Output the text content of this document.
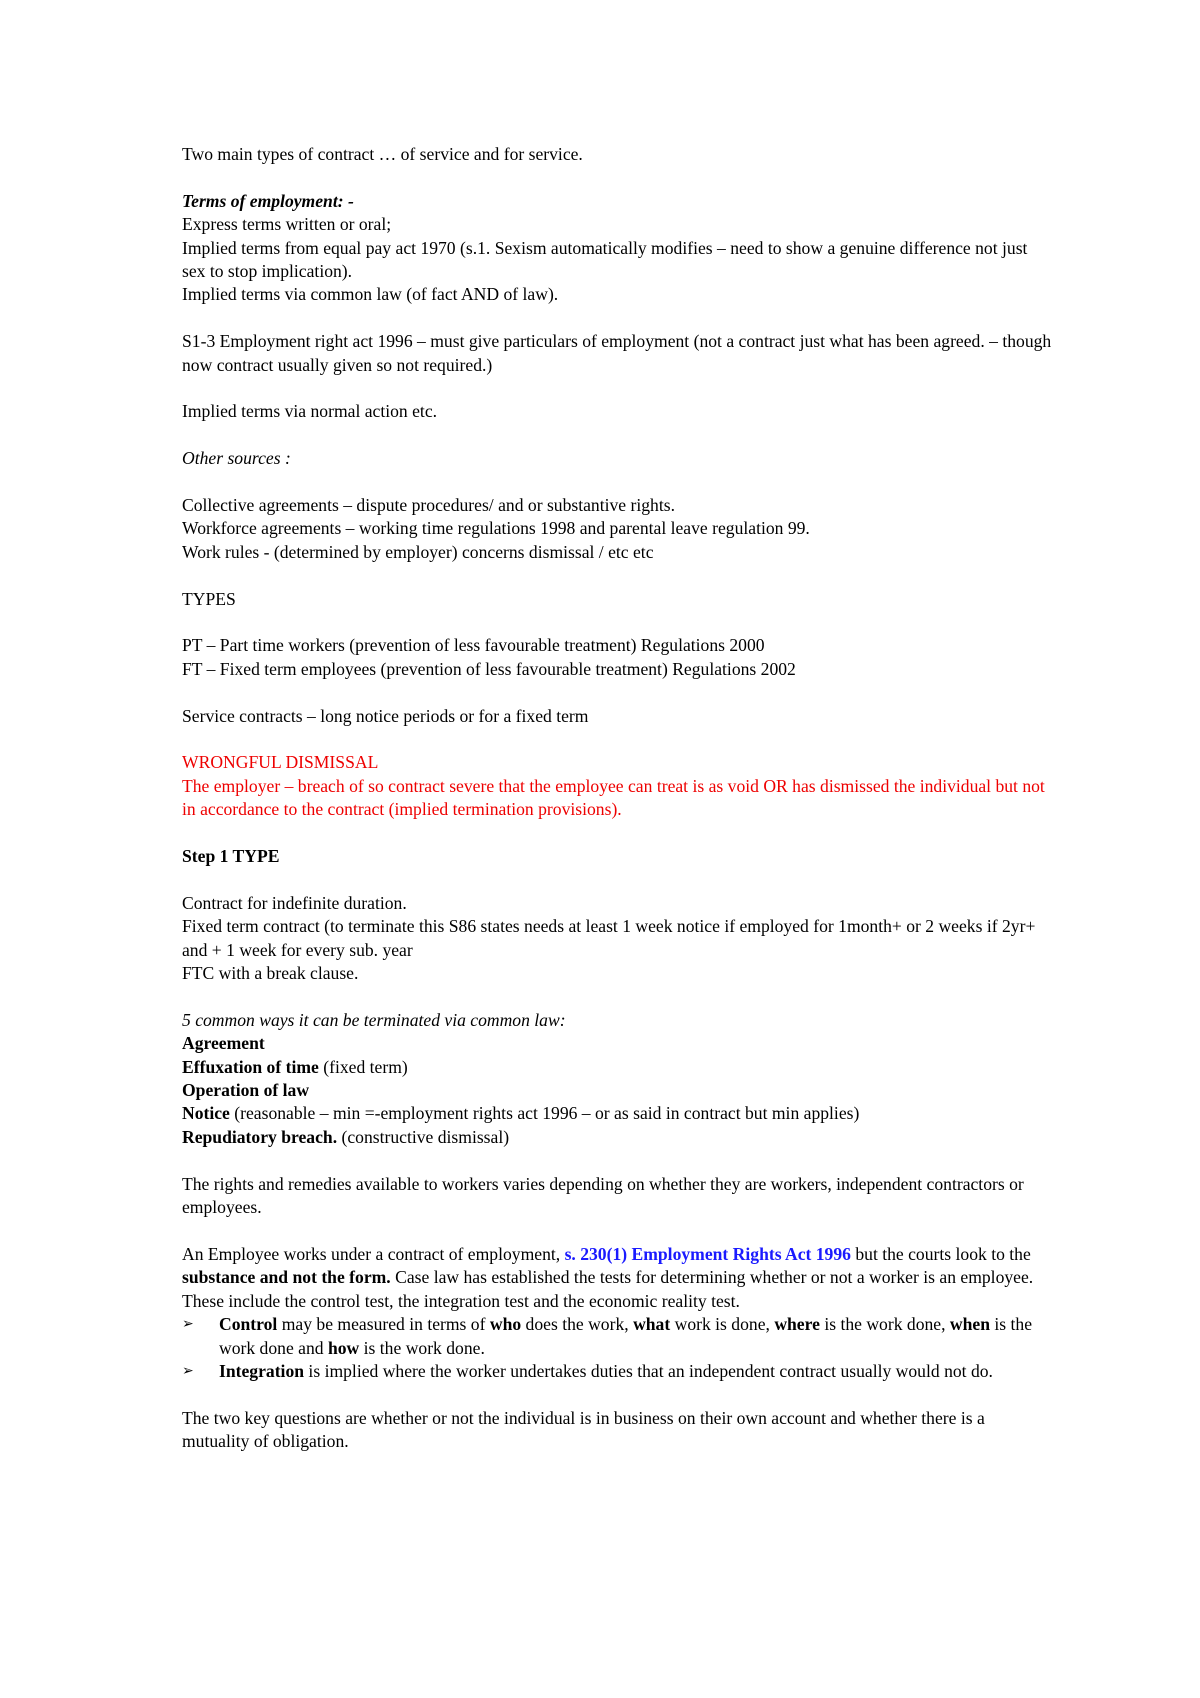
Two main types of contract … of service and for service.

Terms of employment: -

Express terms written or oral;

Implied terms from equal pay act 1970 (s.1. Sexism automatically modifies – need to show a genuine difference not just sex to stop implication).

Implied terms via common law (of fact AND of law).

S1-3 Employment right act 1996 – must give particulars of employment (not a contract just what has been agreed. – though now contract usually given so not required.)

Implied terms via normal action etc.

Other sources :

Collective agreements – dispute procedures/ and or substantive rights.

Workforce agreements – working time regulations 1998 and parental leave regulation 99.

Work rules - (determined by employer) concerns dismissal / etc etc

TYPES

PT – Part time workers (prevention of less favourable treatment) Regulations 2000

FT – Fixed term employees (prevention of less favourable treatment) Regulations 2002

Service contracts – long notice periods or for a fixed term

WRONGFUL DISMISSAL

The employer – breach of so contract severe that the employee can treat is as void OR has dismissed the individual but not in accordance to the contract (implied termination provisions).

Step 1 TYPE

Contract for indefinite duration.

Fixed term contract (to terminate this S86 states needs at least 1 week notice if employed for 1month+ or 2 weeks if 2yr+ and + 1 week for every sub. year

FTC with a break clause.

5 common ways it can be terminated via common law:

Agreement

Effuxation of time (fixed term)

Operation of law

Notice (reasonable – min =-employment rights act 1996 – or as said in contract but min applies)

Repudiatory breach. (constructive dismissal)

The rights and remedies available to workers varies depending on whether they are workers, independent contractors or employees.

An Employee works under a contract of employment, s. 230(1) Employment Rights Act 1996 but the courts look to the substance and not the form. Case law has established the tests for determining whether or not a worker is an employee. These include the control test, the integration test and the economic reality test.

➢ Control may be measured in terms of who does the work, what work is done, where is the work done, when is the work done and how is the work done.
➢ Integration is implied where the worker undertakes duties that an independent contract usually would not do.

The two key questions are whether or not the individual is in business on their own account and whether there is a mutuality of obligation.
